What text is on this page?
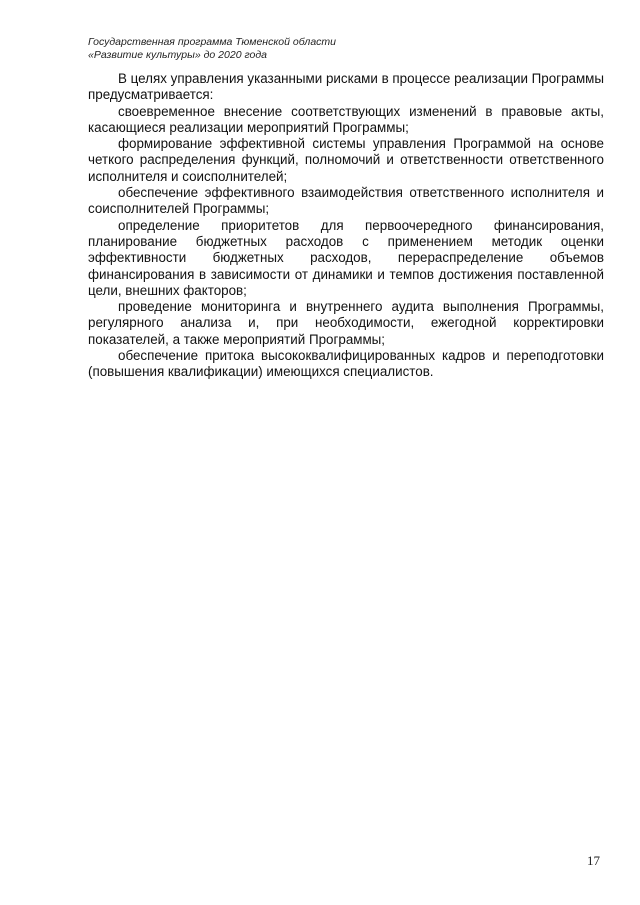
Государственная программа Тюменской области
«Развитие культуры» до 2020 года

В целях управления указанными рисками в процессе реализации Программы предусматривается:

своевременное внесение соответствующих изменений в правовые акты, касающиеся реализации мероприятий Программы;

формирование эффективной системы управления Программой на основе четкого распределения функций, полномочий и ответственности ответственного исполнителя и соисполнителей;

обеспечение эффективного взаимодействия ответственного исполнителя и соисполнителей Программы;

определение приоритетов для первоочередного финансирования, планирование бюджетных расходов с применением методик оценки эффективности бюджетных расходов, перераспределение объемов финансирования в зависимости от динамики и темпов достижения поставленной цели, внешних факторов;

проведение мониторинга и внутреннего аудита выполнения Программы, регулярного анализа и, при необходимости, ежегодной корректировки показателей, а также мероприятий Программы;

обеспечение притока высококвалифицированных кадров и переподготовки (повышения квалификации) имеющихся специалистов.

17
